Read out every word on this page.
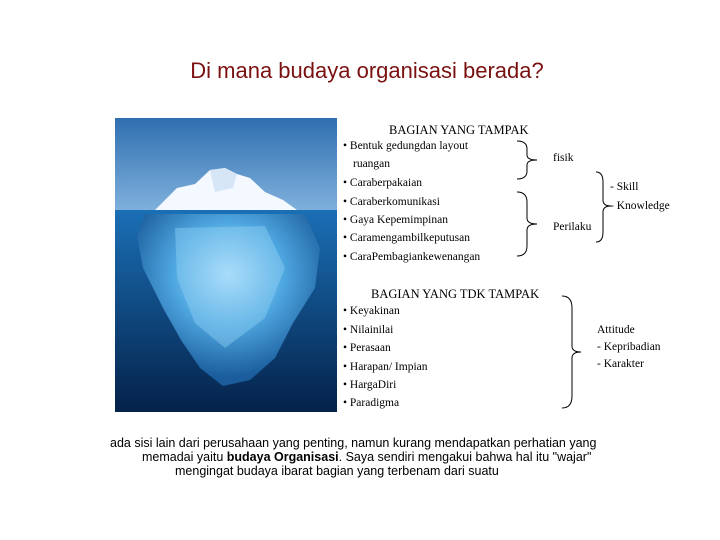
Di mana budaya organisasi berada?
BAGIAN YANG TAMPAK
• Bentuk gedungdan layout
ruangan
• Caraberpakaian
• Caraberkomunikasi
• Gaya Kepemimpinan
• Caramengambilkeputusan
• CaraPembagiankewenangan
fisik
Perilaku
- Skill
- Knowledge
BAGIAN YANG TDK TAMPAK
• Keyakinan
• Nilainilai
• Perasaan
• Harapan/ Impian
• HargaDiri
• Paradigma
Attitude
- Kepribadian
- Karakter
ada sisi lain dari perusahaan yang penting, namun kurang mendapatkan perhatian yang
memadai yaitu budaya Organisasi. Saya sendiri mengakui bahwa hal itu "wajar"
mengingat budaya ibarat bagian yang terbenam dari suatu
